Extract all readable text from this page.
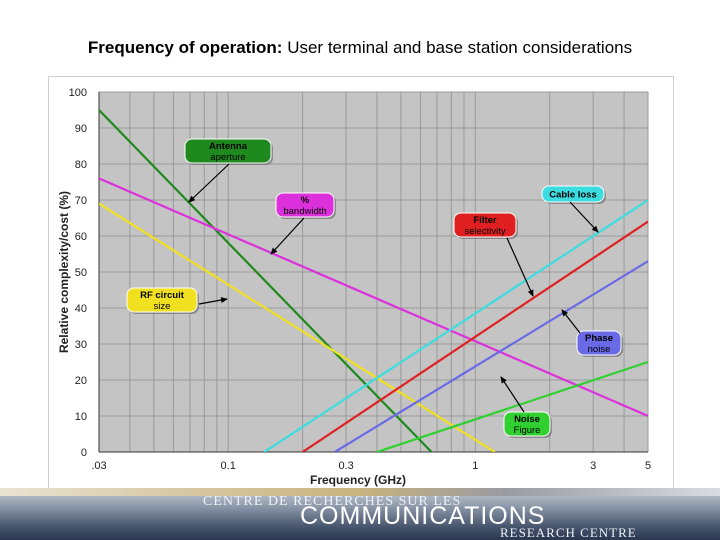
Frequency of operation: User terminal and base station considerations
0
10
20
30
40
50
60
70
80
90
100
.03	0.1	0.3	1	3	5
Frequency (GHz)
Relative complexity/cost (%)
Antenna
aperture
%
bandwidth
RF circuit
size
Cable loss
Filter
selectivity
Phase
noise
Noise
Figure
CENTRE DE RECHERCHES SUR LES
COMMUNICATIONS
RESEARCH CENTRE
